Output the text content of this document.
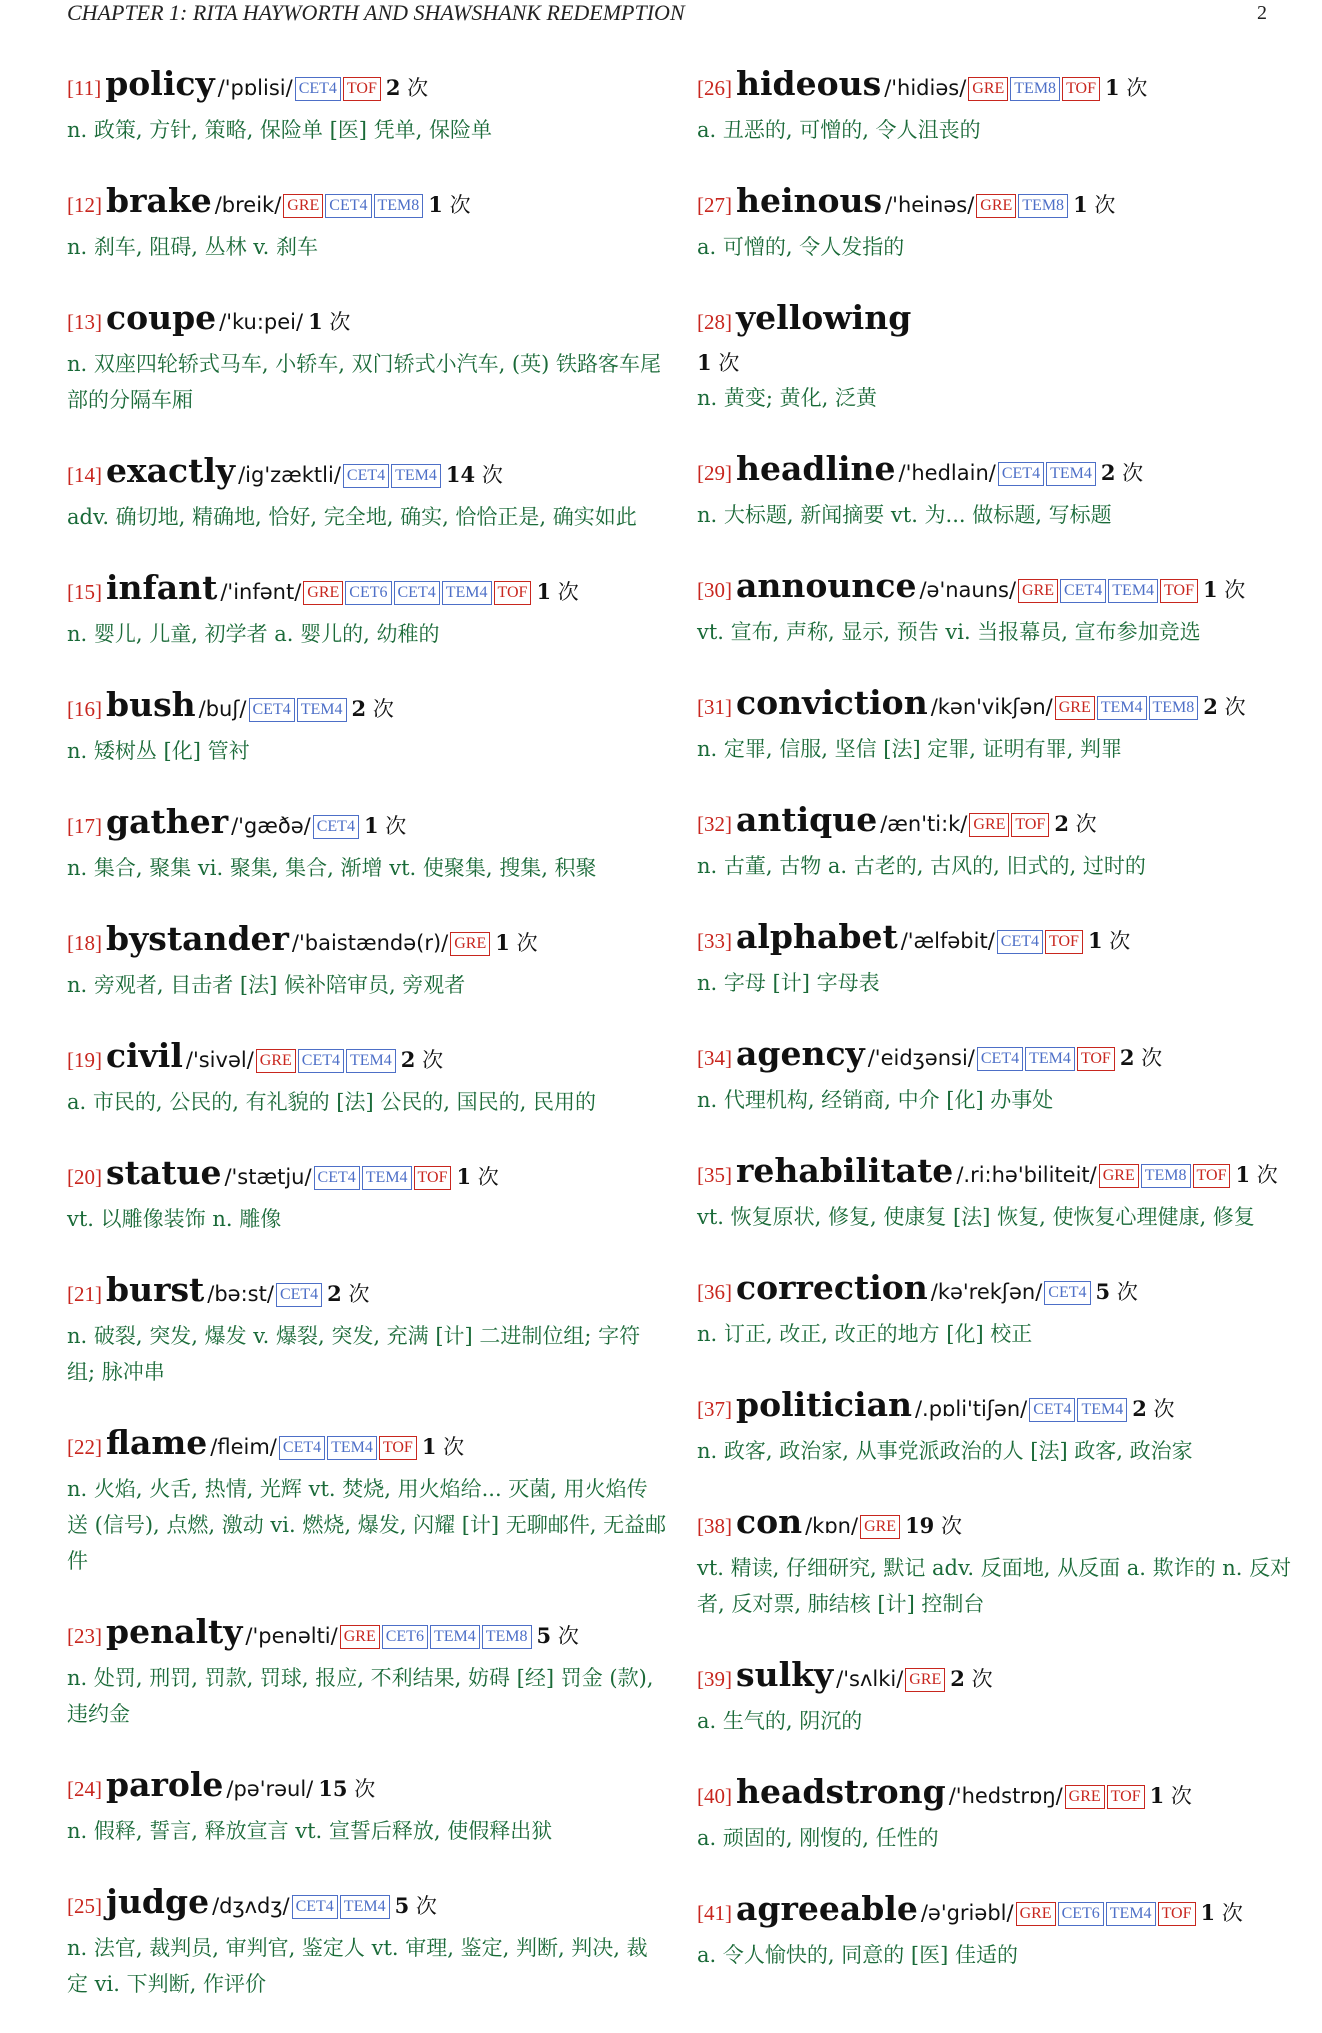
CHAPTER 1: RITA HAYWORTH AND SHAWSHANK REDEMPTION	2
[11] policy /'pɒlisi/ CET4 TOF 2 次
n. 政策, 方针, 策略, 保险单 [医] 凭单, 保险单
[12] brake /breik/ GRE CET4 TEM8 1 次
n. 刹车, 阻碍, 丛林 v. 刹车
[13] coupe /'ku:pei/ 1 次
n. 双座四轮轿式马车, 小轿车, 双门轿式小汽车, (英) 铁路客车尾部的分隔车厢
[14] exactly /ig'zæktli/ CET4 TEM4 14 次
adv. 确切地, 精确地, 恰好, 完全地, 确实, 恰恰正是, 确实如此
[15] infant /'infənt/ GRE CET6 CET4 TEM4 TOF 1 次
n. 婴儿, 儿童, 初学者 a. 婴儿的, 幼稚的
[16] bush /buʃ/ CET4 TEM4 2 次
n. 矮树丛 [化] 管衬
[17] gather /'gæðə/ CET4 1 次
n. 集合, 聚集 vi. 聚集, 集合, 渐增 vt. 使聚集, 搜集, 积聚
[18] bystander /'baistændə(r)/ GRE 1 次
n. 旁观者, 目击者 [法] 候补陪审员, 旁观者
[19] civil /'sivəl/ GRE CET4 TEM4 2 次
a. 市民的, 公民的, 有礼貌的 [法] 公民的, 国民的, 民用的
[20] statue /'stætju/ CET4 TEM4 TOF 1 次
vt. 以雕像装饰 n. 雕像
[21] burst /bə:st/ CET4 2 次
n. 破裂, 突发, 爆发 v. 爆裂, 突发, 充满 [计] 二进制位组; 字符组; 脉冲串
[22] flame /fleim/ CET4 TEM4 TOF 1 次
n. 火焰, 火舌, 热情, 光辉 vt. 焚烧, 用火焰给... 灭菌, 用火焰传送 (信号), 点燃, 激动 vi. 燃烧, 爆发, 闪耀 [计] 无聊邮件, 无益邮件
[23] penalty /'penəlti/ GRE CET6 TEM4 TEM8 5 次
n. 处罚, 刑罚, 罚款, 罚球, 报应, 不利结果, 妨碍 [经] 罚金 (款), 违约金
[24] parole /pə'rəul/ 15 次
n. 假释, 誓言, 释放宣言 vt. 宣誓后释放, 使假释出狱
[25] judge /dʒʌdʒ/ CET4 TEM4 5 次
n. 法官, 裁判员, 审判官, 鉴定人 vt. 审理, 鉴定, 判断, 判决, 裁定 vi. 下判断, 作评价
[26] hideous /'hidiəs/ GRE TEM8 TOF 1 次
a. 丑恶的, 可憎的, 令人沮丧的
[27] heinous /'heinəs/ GRE TEM8 1 次
a. 可憎的, 令人发指的
[28] yellowing
1 次
n. 黄变; 黄化, 泛黄
[29] headline /'hedlain/ CET4 TEM4 2 次
n. 大标题, 新闻摘要 vt. 为... 做标题, 写标题
[30] announce /ə'nauns/ GRE CET4 TEM4 TOF 1 次
vt. 宣布, 声称, 显示, 预告 vi. 当报幕员, 宣布参加竞选
[31] conviction /kən'vikʃən/ GRE TEM4 TEM8 2 次
n. 定罪, 信服, 坚信 [法] 定罪, 证明有罪, 判罪
[32] antique /æn'ti:k/ GRE TOF 2 次
n. 古董, 古物 a. 古老的, 古风的, 旧式的, 过时的
[33] alphabet /'ælfəbit/ CET4 TOF 1 次
n. 字母 [计] 字母表
[34] agency /'eidʒənsi/ CET4 TEM4 TOF 2 次
n. 代理机构, 经销商, 中介 [化] 办事处
[35] rehabilitate /.ri:hə'biliteit/ GRE TEM8 TOF 1 次
vt. 恢复原状, 修复, 使康复 [法] 恢复, 使恢复心理健康, 修复
[36] correction /kə'rekʃən/ CET4 5 次
n. 订正, 改正, 改正的地方 [化] 校正
[37] politician /.pɒli'tiʃən/ CET4 TEM4 2 次
n. 政客, 政治家, 从事党派政治的人 [法] 政客, 政治家
[38] con /kɒn/ GRE 19 次
vt. 精读, 仔细研究, 默记 adv. 反面地, 从反面 a. 欺诈的 n. 反对者, 反对票, 肺结核 [计] 控制台
[39] sulky /'sʌlki/ GRE 2 次
a. 生气的, 阴沉的
[40] headstrong /'hedstrɒŋ/ GRE TOF 1 次
a. 顽固的, 刚愎的, 任性的
[41] agreeable /ə'griəbl/ GRE CET6 TEM4 TOF 1 次
a. 令人愉快的, 同意的 [医] 佳适的
